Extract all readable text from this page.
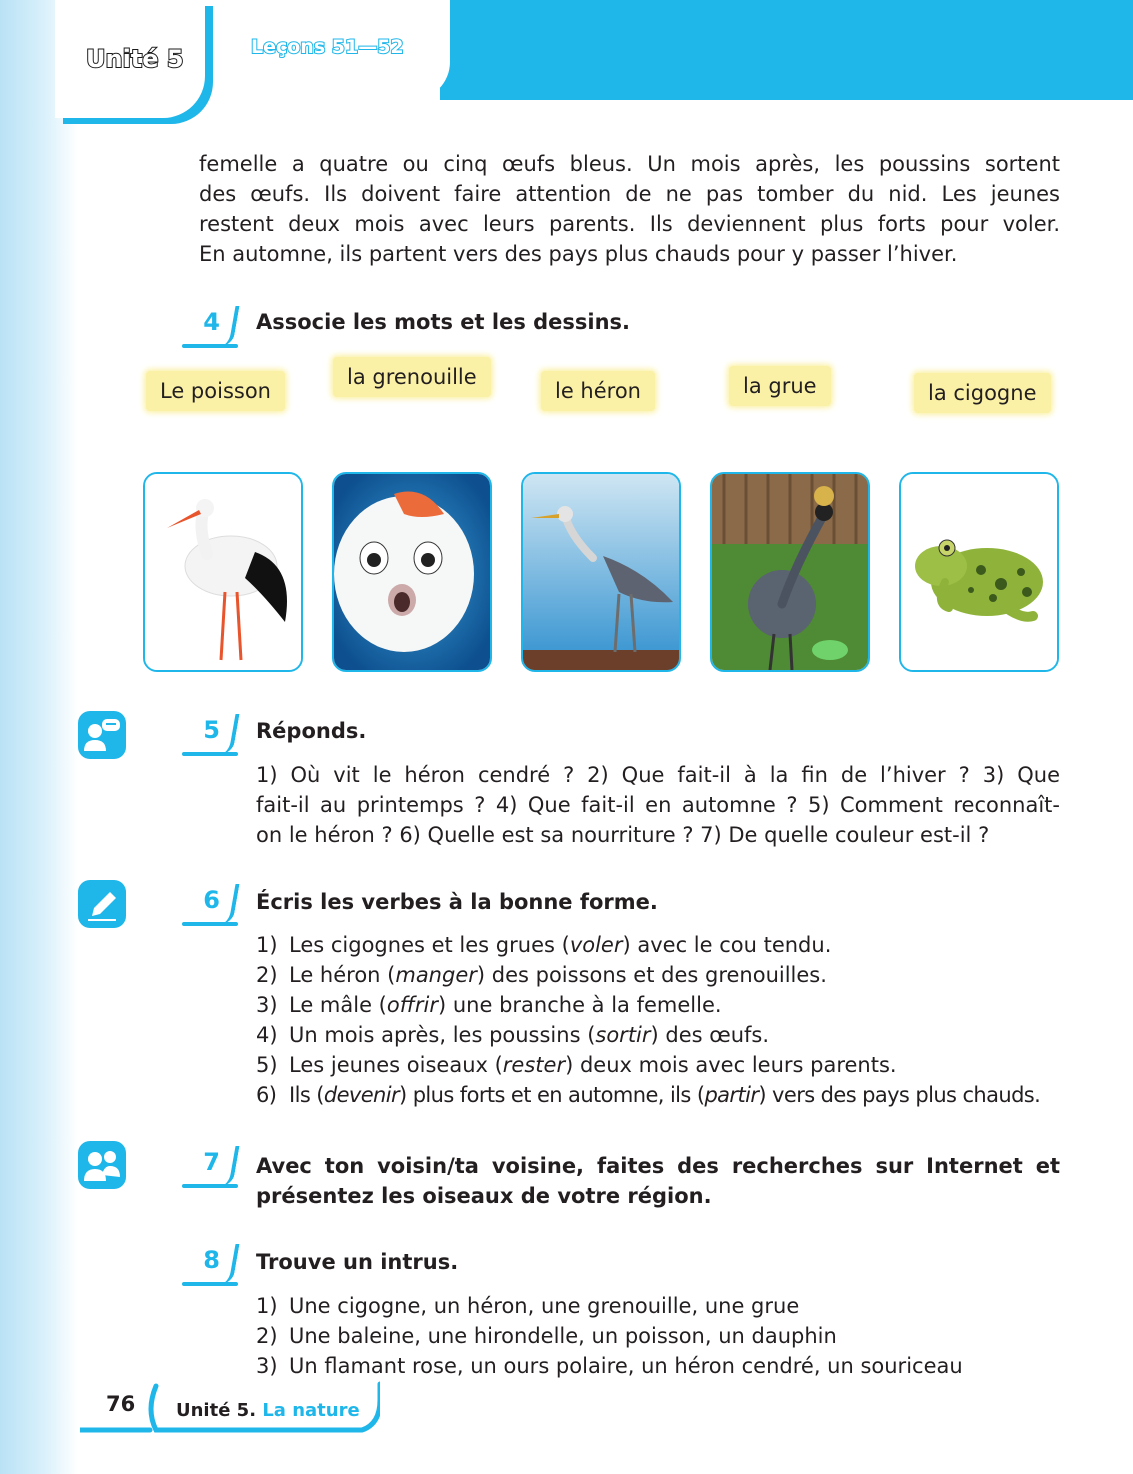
Unité 5	Leçons 51—52
femelle a quatre ou cinq œufs bleus. Un mois après, les poussins sortent
des œufs. Ils doivent faire attention de ne pas tomber du nid. Les jeunes
restent deux mois avec leurs parents. Ils deviennent plus forts pour voler.
En automne, ils partent vers des pays plus chauds pour y passer l’hiver.
4 Associe les mots et les dessins.
Le poisson
la grenouille
le héron	la grue	la cigogne
5 Réponds.
1) Où vit le héron cendré ? 2) Que fait-il à la fin de l’hiver ? 3) Que
fait-il au printemps ? 4) Que fait-il en automne ? 5) Comment reconnaît-
on le héron ? 6) Quelle est sa nourriture ? 7) De quelle couleur est-il ?
6 Écris les verbes à la bonne forme.
1) Les cigognes et les grues (voler) avec le cou tendu.
2) Le héron (manger) des poissons et des grenouilles.
3) Le mâle (offrir) une branche à la femelle.
4) Un mois après, les poussins (sortir) des œufs.
5) Les jeunes oiseaux (rester) deux mois avec leurs parents.
6) Ils (devenir) plus forts et en automne, ils (partir) vers des pays plus chauds.
7 Avec ton voisin/ta voisine, faites des recherches sur Internet et
présentez les oiseaux de votre région.
8 Trouve un intrus.
1) Une cigogne, un héron, une grenouille, une grue
2) Une baleine, une hirondelle, un poisson, un dauphin
3) Un flamant rose, un ours polaire, un héron cendré, un souriceau
76 Unité 5. La nature
